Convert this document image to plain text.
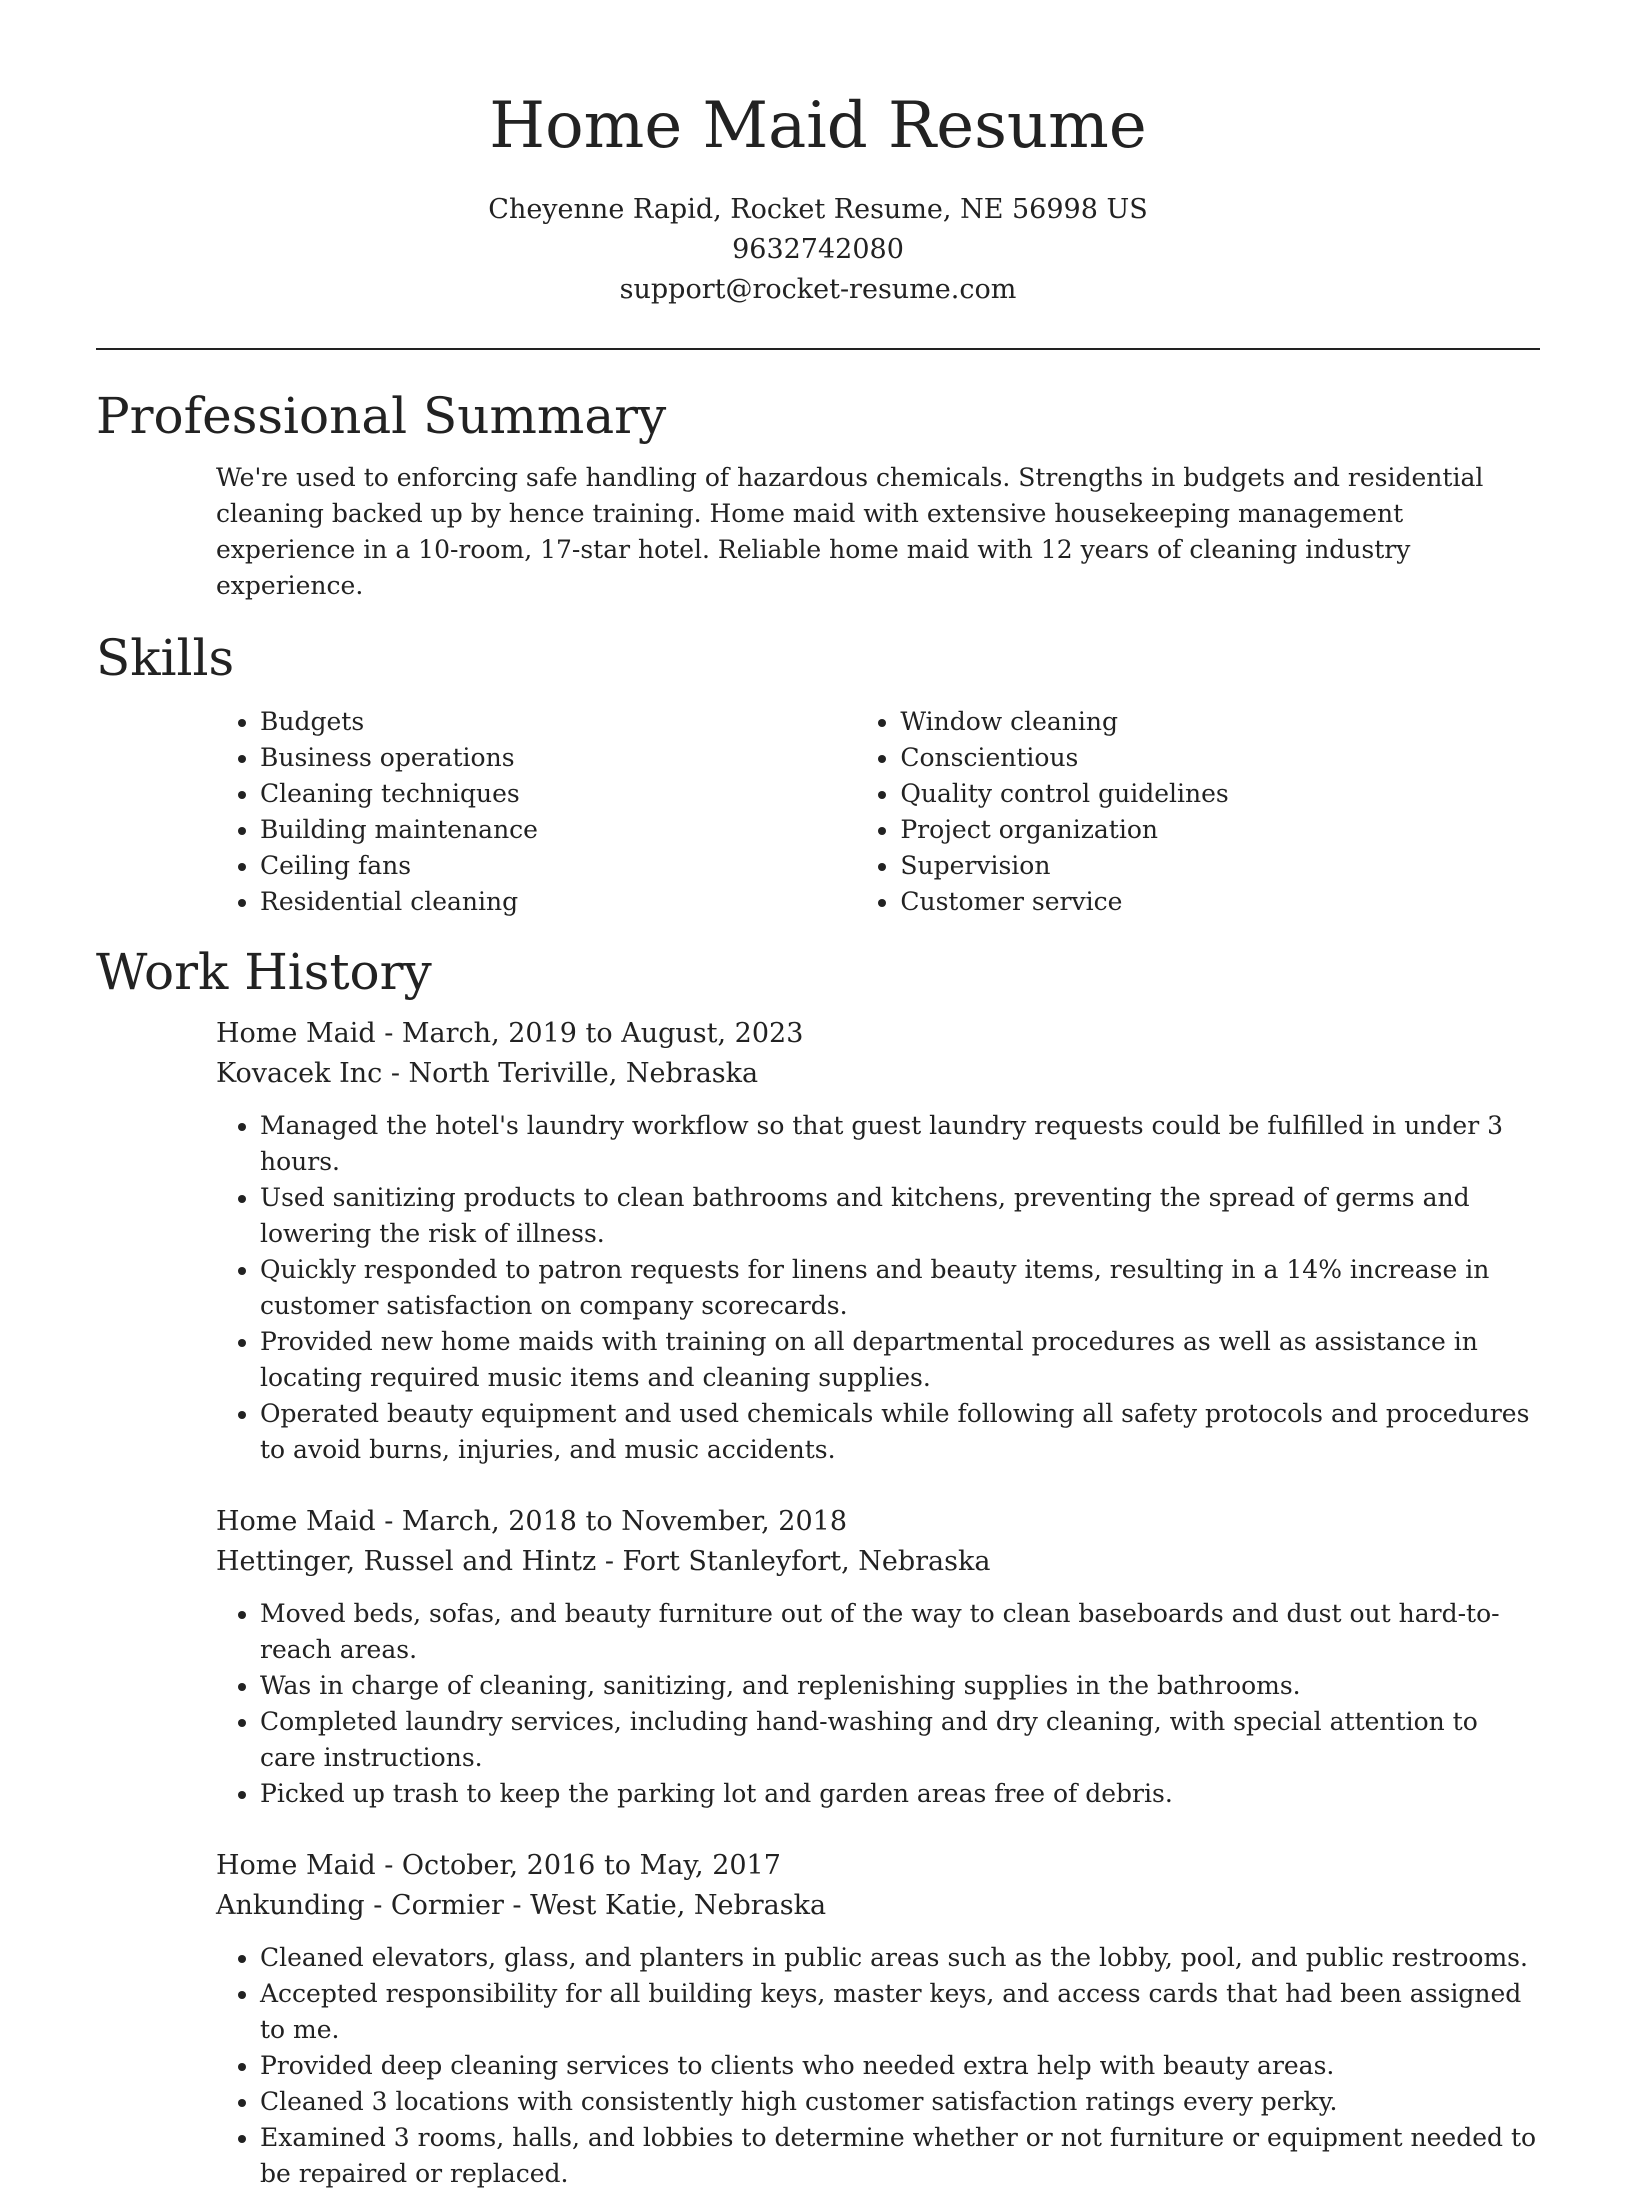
Home Maid Resume
Cheyenne Rapid, Rocket Resume, NE 56998 US
9632742080
support@rocket-resume.com
Professional Summary

We're used to enforcing safe handling of hazardous chemicals. Strengths in budgets and residential cleaning backed up by hence training. Home maid with extensive housekeeping management experience in a 10-room, 17-star hotel. Reliable home maid with 12 years of cleaning industry experience.

Skills
• Budgets
• Business operations
• Cleaning techniques
• Building maintenance
• Ceiling fans
• Residential cleaning
• Window cleaning
• Conscientious
• Quality control guidelines
• Project organization
• Supervision
• Customer service
Work History
Home Maid - March, 2019 to August, 2023
Kovacek Inc - North Teriville, Nebraska
• Managed the hotel's laundry workflow so that guest laundry requests could be fulfilled in under 3 hours.
• Used sanitizing products to clean bathrooms and kitchens, preventing the spread of germs and lowering the risk of illness.
• Quickly responded to patron requests for linens and beauty items, resulting in a 14% increase in customer satisfaction on company scorecards.
• Provided new home maids with training on all departmental procedures as well as assistance in locating required music items and cleaning supplies.
• Operated beauty equipment and used chemicals while following all safety protocols and procedures to avoid burns, injuries, and music accidents.
Home Maid - March, 2018 to November, 2018
Hettinger, Russel and Hintz - Fort Stanleyfort, Nebraska
• Moved beds, sofas, and beauty furniture out of the way to clean baseboards and dust out hard-to-reach areas.
• Was in charge of cleaning, sanitizing, and replenishing supplies in the bathrooms.
• Completed laundry services, including hand-washing and dry cleaning, with special attention to care instructions.
• Picked up trash to keep the parking lot and garden areas free of debris.
Home Maid - October, 2016 to May, 2017
Ankunding - Cormier - West Katie, Nebraska
• Cleaned elevators, glass, and planters in public areas such as the lobby, pool, and public restrooms.
• Accepted responsibility for all building keys, master keys, and access cards that had been assigned to me.
• Provided deep cleaning services to clients who needed extra help with beauty areas.
• Cleaned 3 locations with consistently high customer satisfaction ratings every perky.
• Examined 3 rooms, halls, and lobbies to determine whether or not furniture or equipment needed to be repaired or replaced.
